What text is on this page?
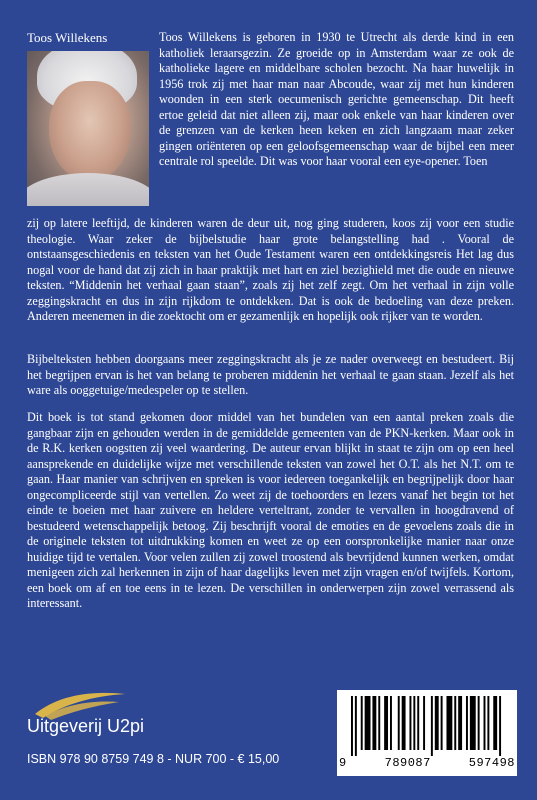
Toos Willekens	Toos Willekens is geboren in 1930 te Utrecht als derde kind in een katholiek leraarsgezin. Ze groeide op in Amsterdam waar ze ook de katholieke lagere en middelbare scholen bezocht. Na haar huwelijk in 1956 trok zij met haar man naar Abcoude, waar zij met hun kinderen woonden in een sterk oecumenisch gerichte gemeenschap. Dit heeft ertoe geleid dat niet alleen zij, maar ook enkele van haar kinderen over de grenzen van de kerken heen keken en zich langzaam maar zeker gingen oriënteren op een geloofsgemeenschap waar de bijbel een meer centrale rol speelde. Dit was voor haar vooral een eye-opener. Toen

zij op latere leeftijd, de kinderen waren de deur uit, nog ging studeren, koos zij voor een studie theologie. Waar zeker de bijbelstudie haar grote belangstelling had . Vooral de ontstaansgeschiedenis en teksten van het Oude Testament waren een ontdekkingsreis Het lag dus nogal voor de hand dat zij zich in haar praktijk met hart en ziel bezighield met die oude en nieuwe teksten. “Middenin het verhaal gaan staan”, zoals zij het zelf zegt. Om het verhaal in zijn volle zeggingskracht en dus in zijn rijkdom te ontdekken. Dat is ook de bedoeling van deze preken. Anderen meenemen in die zoektocht om er gezamenlijk en hopelijk ook rijker van te worden.

Bijbelteksten hebben doorgaans meer zeggingskracht als je ze nader overweegt en bestudeert. Bij het begrijpen ervan is het van belang te proberen middenin het verhaal te gaan staan. Jezelf als het ware als ooggetuige/medespeler op te stellen.

Dit boek is tot stand gekomen door middel van het bundelen van een aantal preken zoals die gangbaar zijn en gehouden werden in de gemiddelde gemeenten van de PKN-kerken. Maar ook in de R.K. kerken oogstten zij veel waardering. De auteur ervan blijkt in staat te zijn om op een heel aansprekende en duidelijke wijze met verschillende teksten van zowel het O.T. als het N.T. om te gaan. Haar manier van schrijven en spreken is voor iedereen toegankelijk en begrijpelijk door haar ongecompliceerde stijl van vertellen. Zo weet zij de toehoorders en lezers vanaf het begin tot het einde te boeien met haar zuivere en heldere verteltrant, zonder te vervallen in hoogdravend of bestudeerd wetenschappelijk betoog. Zij beschrijft vooral de emoties en de gevoelens zoals die in de originele teksten tot uitdrukking komen en weet ze op een oorspronkelijke manier naar onze huidige tijd te vertalen. Voor velen zullen zij zowel troostend als bevrijdend kunnen werken, omdat menigeen zich zal herkennen in zijn of haar dagelijks leven met zijn vragen en/of twijfels. Kortom, een boek om af en toe eens in te lezen. De verschillen in onderwerpen zijn zowel verrassend als interessant.

Uitgeverij U2pi
ISBN 978 90 8759 749 8 - NUR 700 - € 15,00	9	789087	597498
